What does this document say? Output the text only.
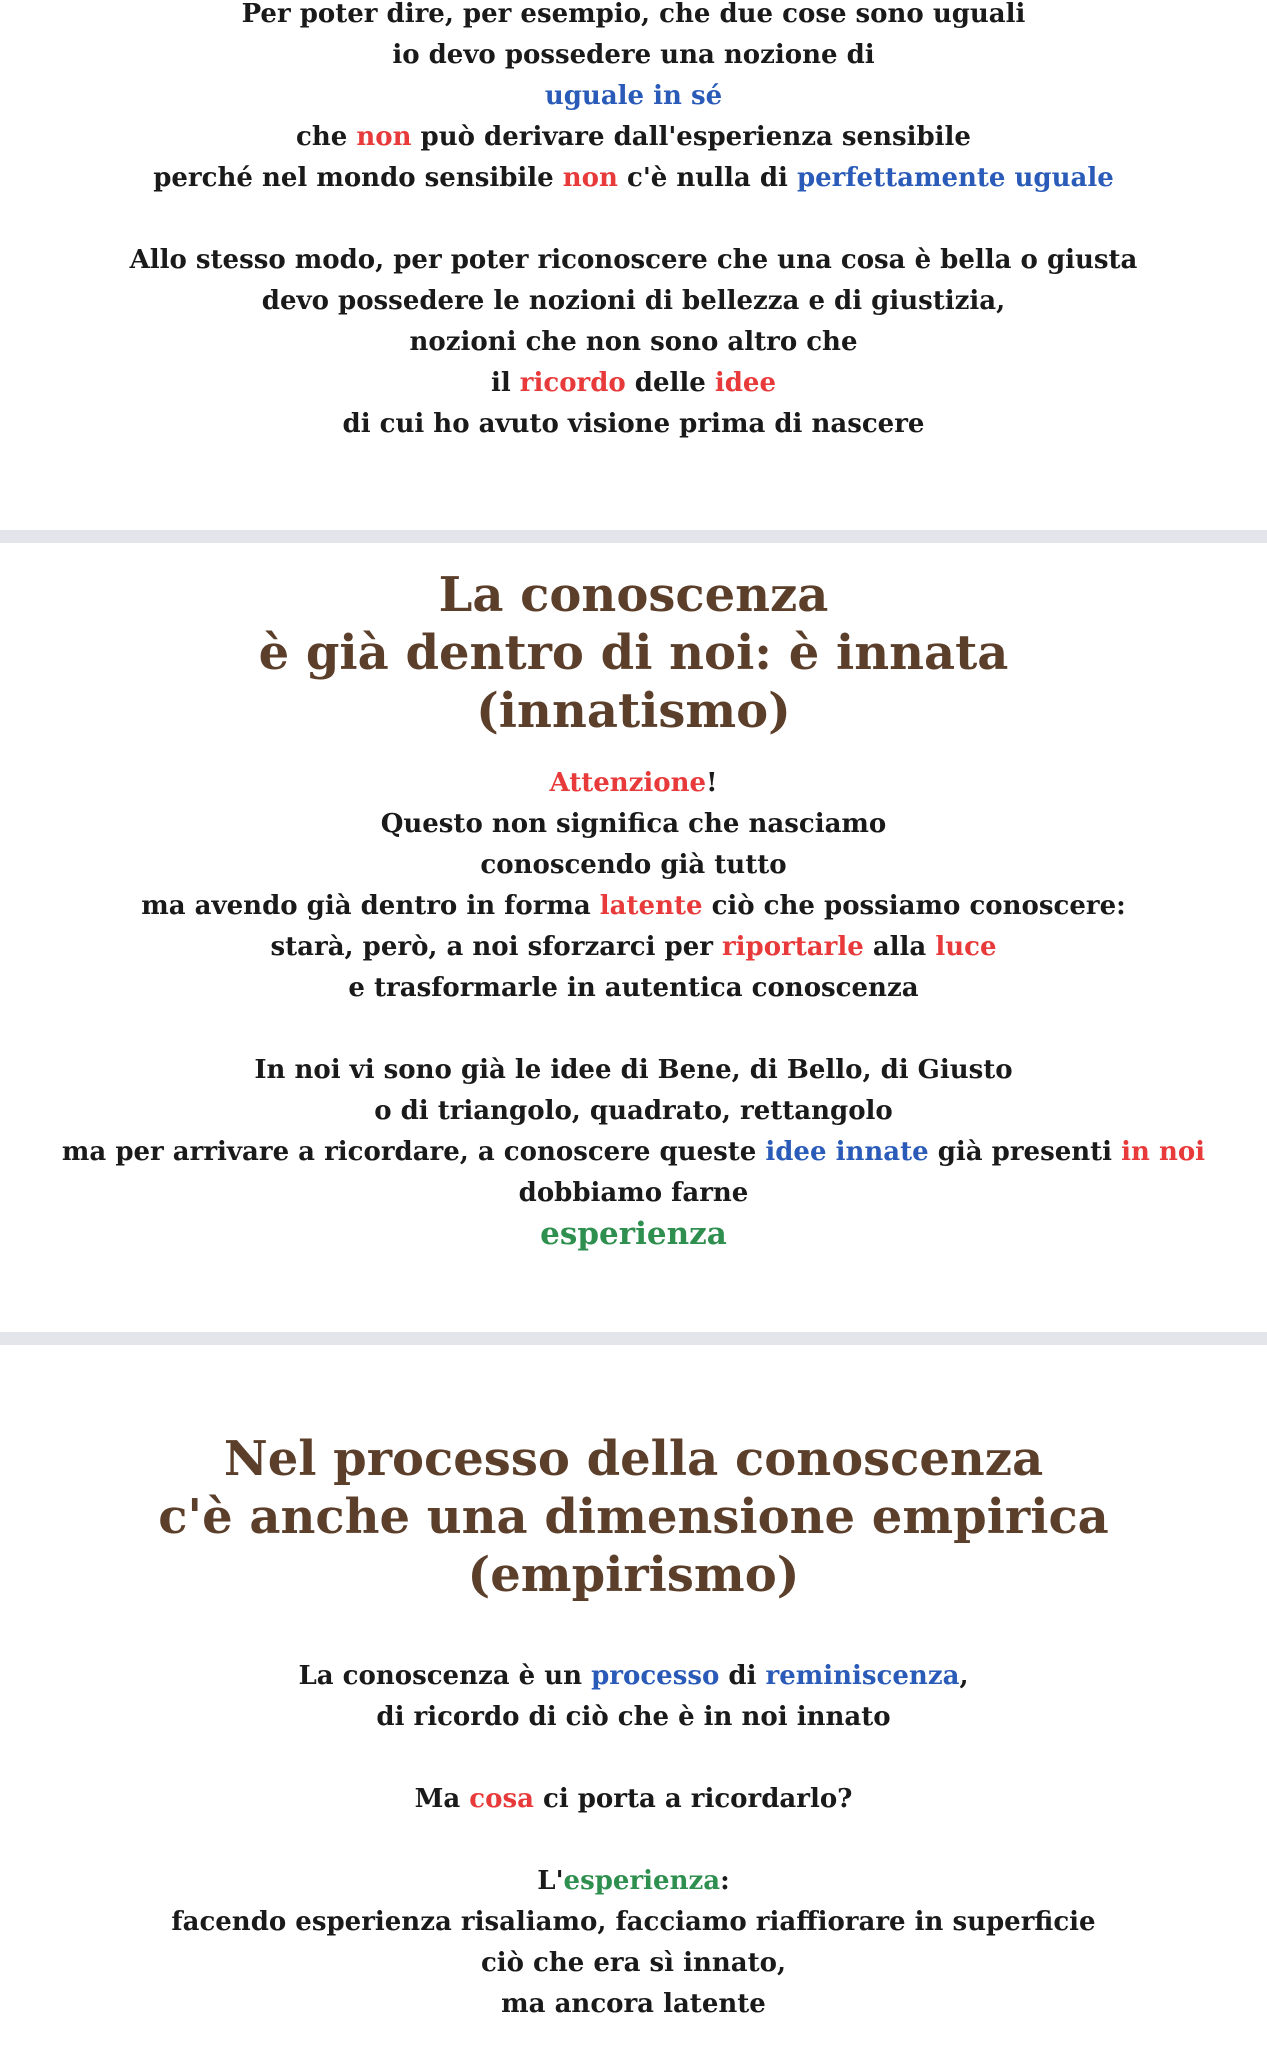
Per poter dire, per esempio, che due cose sono uguali
io devo possedere una nozione di
uguale in sé
che non può derivare dall'esperienza sensibile
perché nel mondo sensibile non c'è nulla di perfettamente uguale
Allo stesso modo, per poter riconoscere che una cosa è bella o giusta
devo possedere le nozioni di bellezza e di giustizia,
nozioni che non sono altro che
il ricordo delle idee
di cui ho avuto visione prima di nascere
La conoscenza
è già dentro di noi: è innata
(innatismo)
Attenzione!
Questo non significa che nasciamo
conoscendo già tutto
ma avendo già dentro in forma latente ciò che possiamo conoscere:
starà, però, a noi sforzarci per riportarle alla luce
e trasformarle in autentica conoscenza
In noi vi sono già le idee di Bene, di Bello, di Giusto
o di triangolo, quadrato, rettangolo
ma per arrivare a ricordare, a conoscere queste idee innate già presenti in noi
dobbiamo farne
esperienza
Nel processo della conoscenza
c'è anche una dimensione empirica
(empirismo)
La conoscenza è un processo di reminiscenza,
di ricordo di ciò che è in noi innato
Ma cosa ci porta a ricordarlo?
L'esperienza:
facendo esperienza risaliamo, facciamo riaffiorare in superficie
ciò che era sì innato,
ma ancora latente
